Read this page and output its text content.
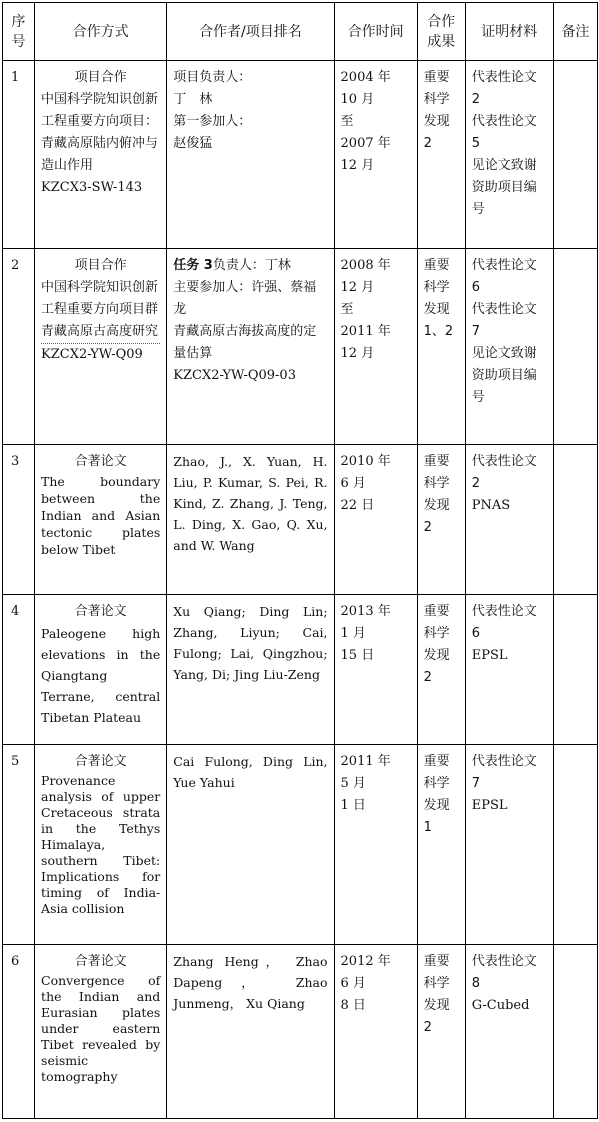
序号	合作方式	合作者/项目排名	合作时间	合作成果	证明材料	备注
1	项目合作
中国科学院知识创新工程重要方向项目：
青藏高原陆内俯冲与造山作用
KZCX3-SW-143	项目负责人：
丁　林
第一参加人：
赵俊猛	2004 年 10 月
至
2007 年 12 月	重要科学发现 2	代表性论文 2
代表性论文 5
见论文致谢资助项目编号	

2	项目合作
中国科学院知识创新工程重要方向项目群
青藏高原古高度研究
KZCX2-YW-Q09	任务 3负责人：丁林
主要参加人：许强、蔡福龙
青藏高原古海拔高度的定量估算
KZCX2-YW-Q09-03	2008 年 12 月
至
2011 年 12 月	重要科学发现 1、2	代表性论文 6
代表性论文 7
见论文致谢资助项目编号	

3	合著论文
The boundary between the Indian and Asian tectonic plates below Tibet	Zhao, J., X. Yuan, H. Liu, P. Kumar, S. Pei, R. Kind, Z. Zhang, J. Teng, L. Ding, X. Gao, Q. Xu, and W. Wang	2010 年
6 月
22 日	重要科学发现 2	代表性论文 2
PNAS	

4	合著论文
Paleogene high elevations in the Qiangtang Terrane, central Tibetan Plateau	Xu Qiang; Ding Lin; Zhang, Liyun; Cai, Fulong; Lai, Qingzhou; Yang, Di; Jing Liu-Zeng	2013 年
1 月
15 日	重要科学发现 2	代表性论文 6
EPSL	

5	合著论文
Provenance analysis of upper Cretaceous strata in the Tethys Himalaya, southern Tibet: Implications for timing of India-Asia collision	Cai Fulong, Ding Lin, Yue Yahui	2011 年
5 月
1 日	重要科学发现 1	代表性论文 7
EPSL	

6	合著论文
Convergence of the Indian and Eurasian plates under eastern Tibet revealed by seismic tomography	Zhang Heng， Zhao Dapeng， Zhao Junmeng， Xu Qiang	2012 年
6 月
8 日	重要科学发现 2	代表性论文 8
G-Cubed	
